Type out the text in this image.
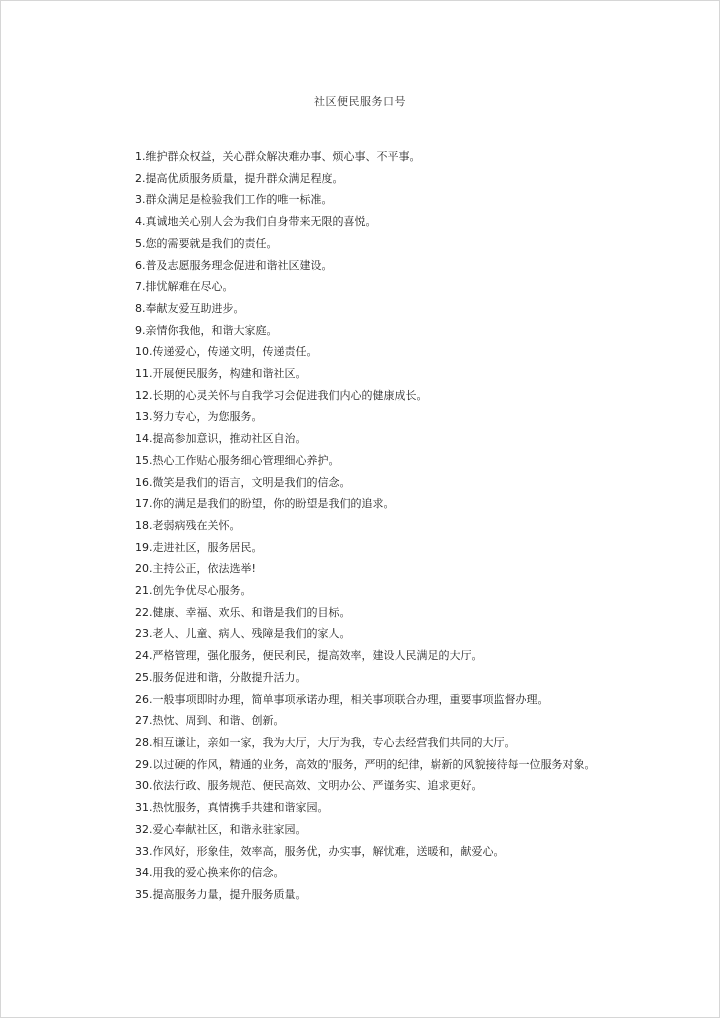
社区便民服务口号
1.维护群众权益，关心群众解决难办事、烦心事、不平事。
2.提高优质服务质量，提升群众满足程度。
3.群众满足是检验我们工作的唯一标准。
4.真诚地关心别人会为我们自身带来无限的喜悦。
5.您的需要就是我们的责任。
6.普及志愿服务理念促进和谐社区建设。
7.排忧解难在尽心。
8.奉献友爱互助进步。
9.亲情你我他，和谐大家庭。
10.传递爱心，传递文明，传递责任。
11.开展便民服务，构建和谐社区。
12.长期的心灵关怀与自我学习会促进我们内心的健康成长。
13.努力专心，为您服务。
14.提高参加意识，推动社区自治。
15.热心工作贴心服务细心管理细心养护。
16.微笑是我们的语言，文明是我们的信念。
17.你的满足是我们的盼望，你的盼望是我们的追求。
18.老弱病残在关怀。
19.走进社区，服务居民。
20.主持公正，依法选举!
21.创先争优尽心服务。
22.健康、幸福、欢乐、和谐是我们的目标。
23.老人、儿童、病人、残障是我们的家人。
24.严格管理，强化服务，便民利民，提高效率，建设人民满足的大厅。
25.服务促进和谐，分散提升活力。
26.一般事项即时办理，简单事项承诺办理，相关事项联合办理，重要事项监督办理。
27.热忱、周到、和谐、创新。
28.相互谦让，亲如一家，我为大厅，大厅为我，专心去经营我们共同的大厅。
29.以过硬的作风，精通的业务，高效的'服务，严明的纪律，崭新的风貌接待每一位服务对象。
30.依法行政、服务规范、便民高效、文明办公、严谨务实、追求更好。
31.热忱服务，真情携手共建和谐家园。
32.爱心奉献社区，和谐永驻家园。
33.作风好，形象佳，效率高，服务优，办实事，解忧难，送暖和，献爱心。
34.用我的爱心换来你的信念。
35.提高服务力量，提升服务质量。
